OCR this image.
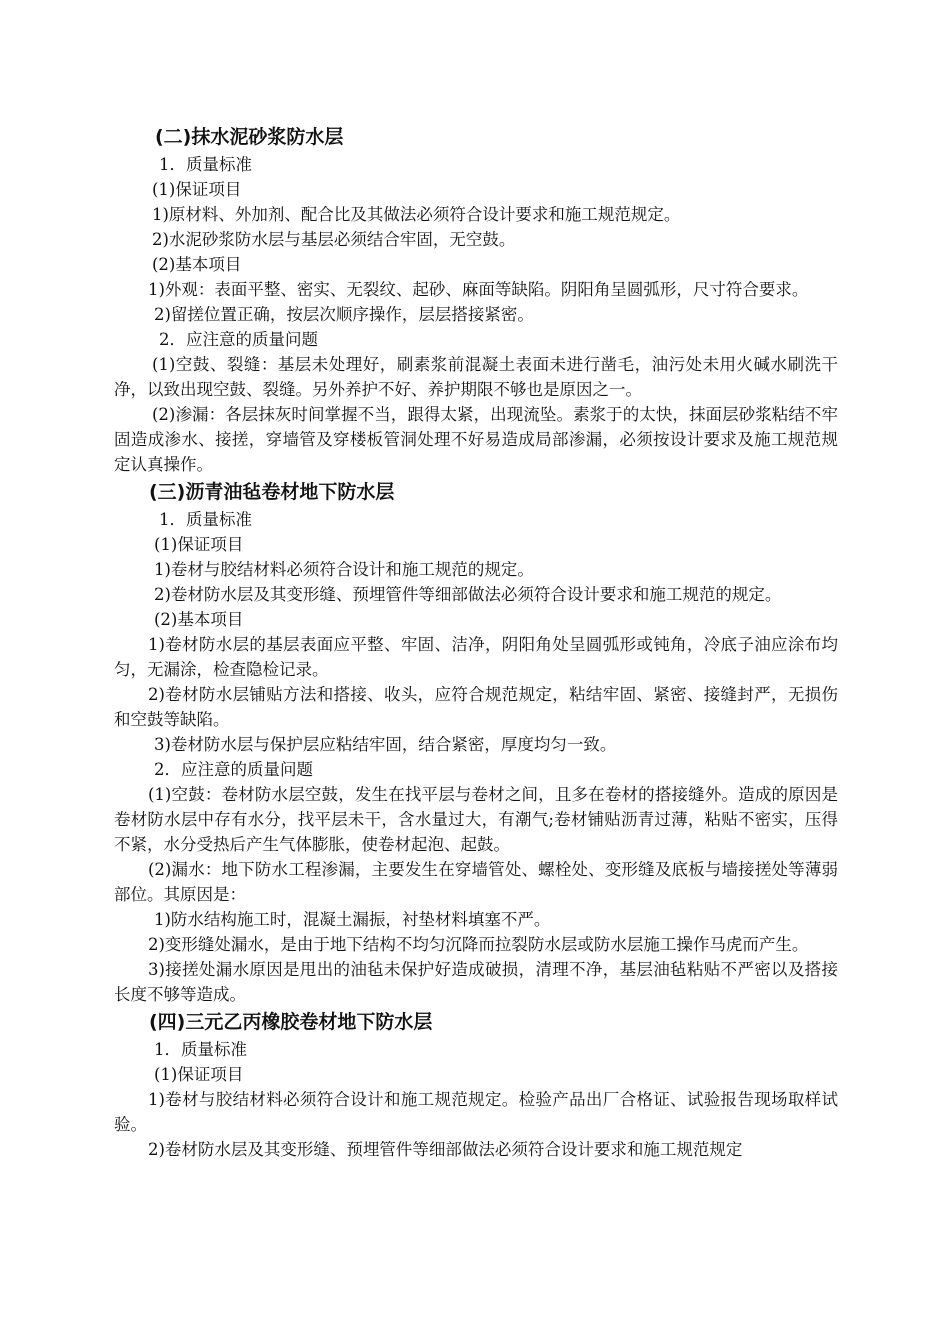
(二)抹水泥砂浆防水层
1．质量标准
(1)保证项目
1)原材料、外加剂、配合比及其做法必须符合设计要求和施工规范规定。
2)水泥砂浆防水层与基层必须结合牢固，无空鼓。
(2)基本项目
1)外观：表面平整、密实、无裂纹、起砂、麻面等缺陷。阴阳角呈圆弧形，尺寸符合要求。
2)留搓位置正确，按层次顺序操作，层层搭接紧密。
2．应注意的质量问题
(1)空鼓、裂缝：基层未处理好，刷素浆前混凝土表面未进行凿毛，油污处未用火碱水刷洗干净，以致出现空鼓、裂缝。另外养护不好、养护期限不够也是原因之一。
(2)渗漏：各层抹灰时间掌握不当，跟得太紧，出现流坠。素浆于的太快，抹面层砂浆粘结不牢固造成渗水、接搓，穿墙管及穿楼板管洞处理不好易造成局部渗漏，必须按设计要求及施工规范规定认真操作。
(三)沥青油毡卷材地下防水层
1．质量标准
(1)保证项目
1)卷材与胶结材料必须符合设计和施工规范的规定。
2)卷材防水层及其变形缝、预埋管件等细部做法必须符合设计要求和施工规范的规定。
(2)基本项目
1)卷材防水层的基层表面应平整、牢固、洁净，阴阳角处呈圆弧形或钝角，冷底子油应涂布均匀，无漏涂，检查隐检记录。
2)卷材防水层铺贴方法和搭接、收头，应符合规范规定，粘结牢固、紧密、接缝封严，无损伤和空鼓等缺陷。
3)卷材防水层与保护层应粘结牢固，结合紧密，厚度均匀一致。
2．应注意的质量问题
(1)空鼓：卷材防水层空鼓，发生在找平层与卷材之间，且多在卷材的搭接缝外。造成的原因是卷材防水层中存有水分，找平层未干，含水量过大，有潮气;卷材铺贴沥青过薄，粘贴不密实，压得不紧，水分受热后产生气体膨胀，使卷材起泡、起鼓。
(2)漏水：地下防水工程渗漏，主要发生在穿墙管处、螺栓处、变形缝及底板与墙接搓处等薄弱部位。其原因是：
1)防水结构施工时，混凝土漏振，衬垫材料填塞不严。
2)变形缝处漏水，是由于地下结构不均匀沉降而拉裂防水层或防水层施工操作马虎而产生。
3)接搓处漏水原因是甩出的油毡未保护好造成破损，清理不净，基层油毡粘贴不严密以及搭接长度不够等造成。
(四)三元乙丙橡胶卷材地下防水层
1．质量标准
(1)保证项目
1)卷材与胶结材料必须符合设计和施工规范规定。检验产品出厂合格证、试验报告现场取样试验。
2)卷材防水层及其变形缝、预埋管件等细部做法必须符合设计要求和施工规范规定
